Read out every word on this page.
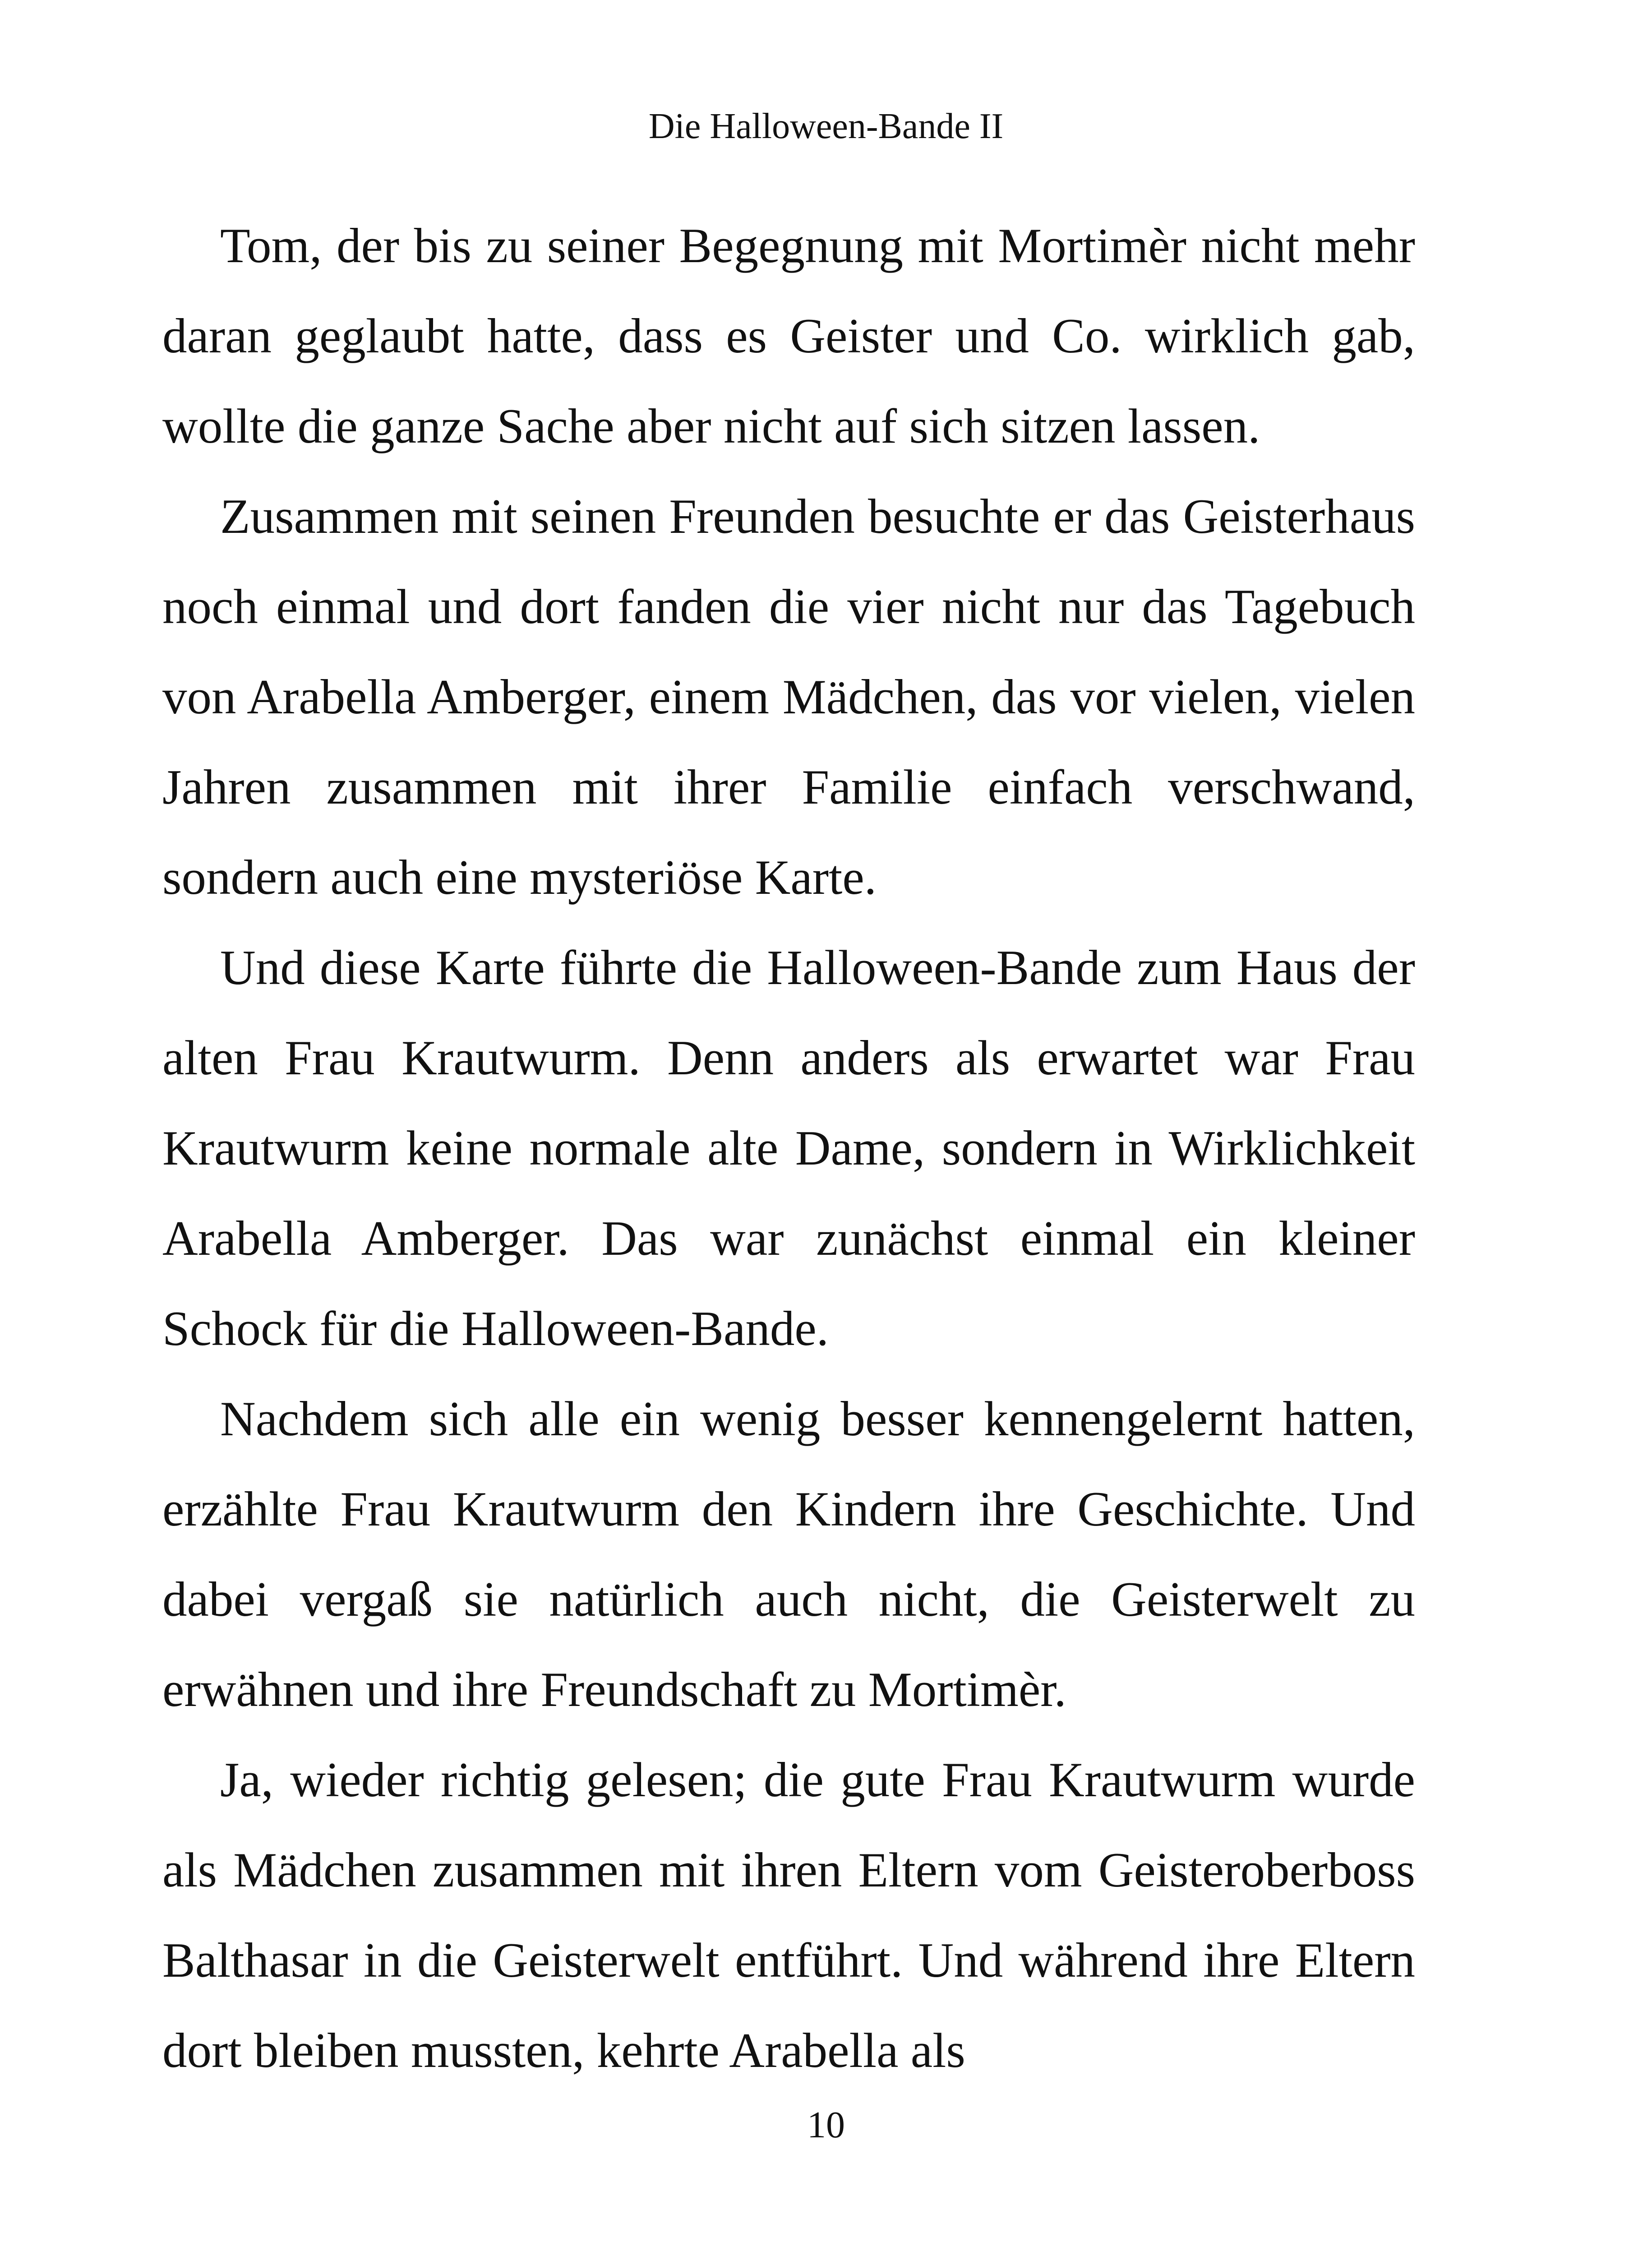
Die Halloween-Bande II

Tom, der bis zu seiner Begegnung mit Mortimèr nicht mehr daran geglaubt hatte, dass es Geister und Co. wirklich gab, wollte die ganze Sache aber nicht auf sich sitzen lassen.

Zusammen mit seinen Freunden besuchte er das Geisterhaus noch einmal und dort fanden die vier nicht nur das Tagebuch von Arabella Amberger, einem Mädchen, das vor vielen, vielen Jahren zusammen mit ihrer Familie einfach verschwand, sondern auch eine mysteriöse Karte.

Und diese Karte führte die Halloween-Bande zum Haus der alten Frau Krautwurm. Denn anders als erwartet war Frau Krautwurm keine normale alte Dame, sondern in Wirklichkeit Arabella Amberger. Das war zunächst einmal ein kleiner Schock für die Halloween-Bande.

Nachdem sich alle ein wenig besser kennengelernt hatten, erzählte Frau Krautwurm den Kindern ihre Geschichte. Und dabei vergaß sie natürlich auch nicht, die Geisterwelt zu erwähnen und ihre Freundschaft zu Mortimèr.

Ja, wieder richtig gelesen; die gute Frau Krautwurm wurde als Mädchen zusammen mit ihren Eltern vom Geisteroberboss Balthasar in die Geisterwelt entführt. Und während ihre Eltern dort bleiben mussten, kehrte Arabella als

10
